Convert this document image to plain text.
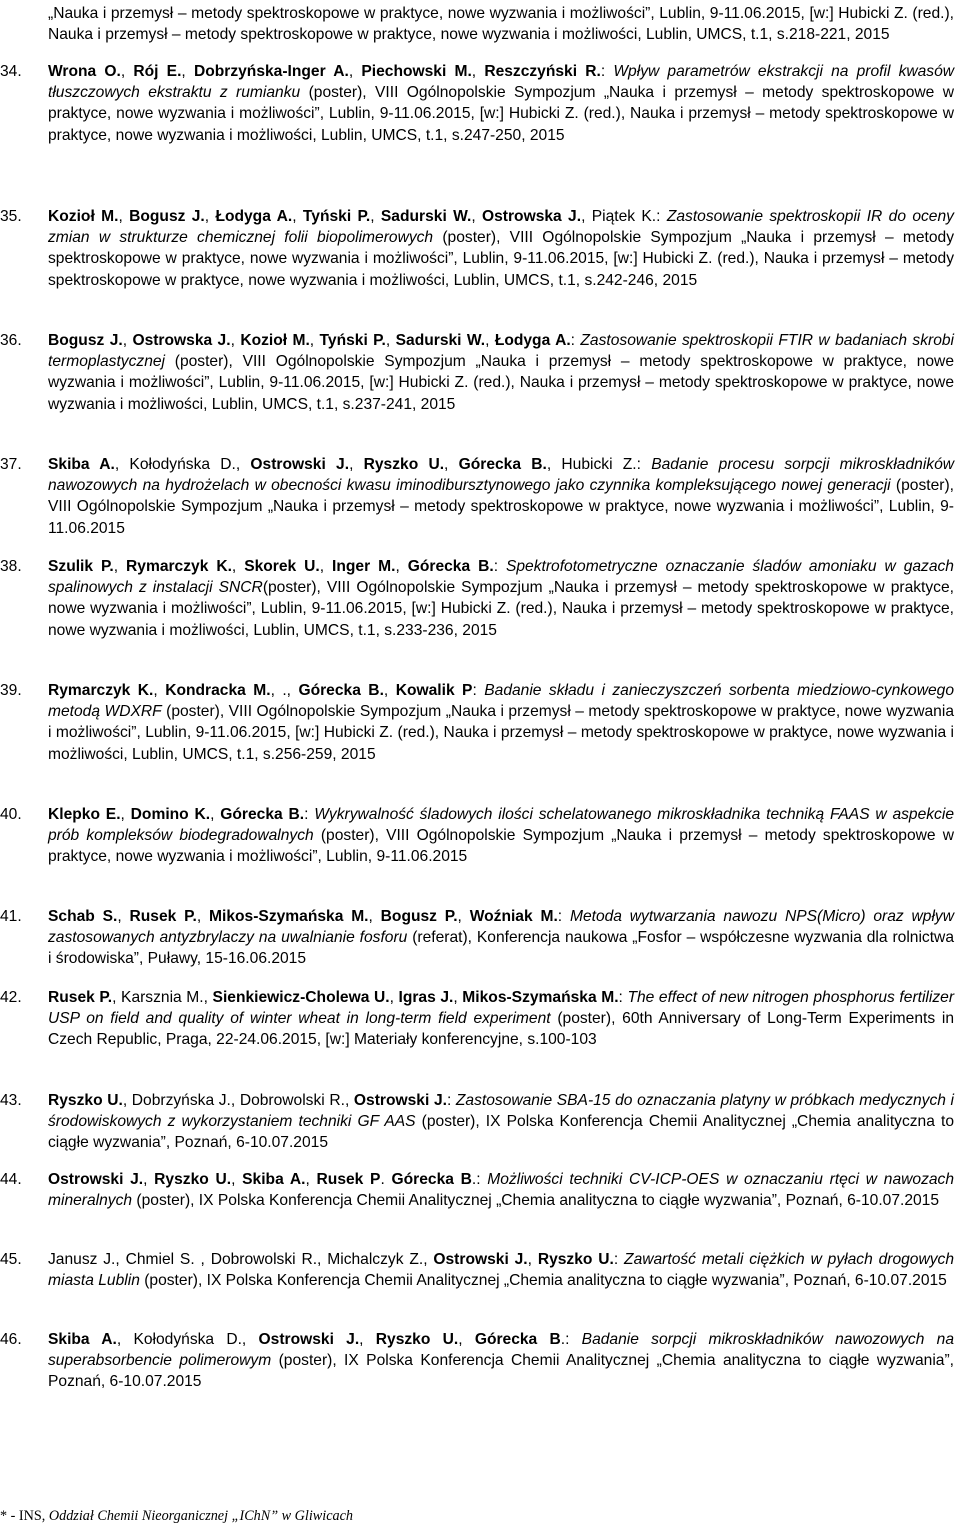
„Nauka i przemysł – metody spektroskopowe w praktyce, nowe wyzwania i możliwości”, Lublin, 9-11.06.2015, [w:] Hubicki Z. (red.), Nauka i przemysł – metody spektroskopowe w praktyce, nowe wyzwania i możliwości, Lublin, UMCS, t.1, s.218-221, 2015
34.	Wrona O., Rój E., Dobrzyńska-Inger A., Piechowski M., Reszczyński R.: Wpływ parametrów ekstrakcji na profil kwasów tłuszczowych ekstraktu z rumianku (poster), VIII Ogólnopolskie Sympozjum „Nauka i przemysł – metody spektroskopowe w praktyce, nowe wyzwania i możliwości”, Lublin, 9-11.06.2015, [w:] Hubicki Z. (red.), Nauka i przemysł – metody spektroskopowe w praktyce, nowe wyzwania i możliwości, Lublin, UMCS, t.1, s.247-250, 2015
35.	Kozioł M., Bogusz J., Łodyga A., Tyński P., Sadurski W., Ostrowska J., Piątek K.: Zastosowanie spektroskopii IR do oceny zmian w strukturze chemicznej folii biopolimerowych (poster), VIII Ogólnopolskie Sympozjum „Nauka i przemysł – metody spektroskopowe w praktyce, nowe wyzwania i możliwości”, Lublin, 9-11.06.2015, [w:] Hubicki Z. (red.), Nauka i przemysł – metody spektroskopowe w praktyce, nowe wyzwania i możliwości, Lublin, UMCS, t.1, s.242-246, 2015
36.	Bogusz J., Ostrowska J., Kozioł M., Tyński P., Sadurski W., Łodyga A.: Zastosowanie spektroskopii FTIR w badaniach skrobi termoplastycznej (poster), VIII Ogólnopolskie Sympozjum „Nauka i przemysł – metody spektroskopowe w praktyce, nowe wyzwania i możliwości”, Lublin, 9-11.06.2015, [w:] Hubicki Z. (red.), Nauka i przemysł – metody spektroskopowe w praktyce, nowe wyzwania i możliwości, Lublin, UMCS, t.1, s.237-241, 2015
37.	Skiba A., Kołodyńska D., Ostrowski J., Ryszko U., Górecka B., Hubicki Z.: Badanie procesu sorpcji mikroskładników nawozowych na hydrożelach w obecności kwasu iminodibursztynowego jako czynnika kompleksującego nowej generacji (poster), VIII Ogólnopolskie Sympozjum „Nauka i przemysł – metody spektroskopowe w praktyce, nowe wyzwania i możliwości”, Lublin, 9-11.06.2015
38.	Szulik P., Rymarczyk K., Skorek U., Inger M., Górecka B.: Spektrofotometryczne oznaczanie śladów amoniaku w gazach spalinowych z instalacji SNCR(poster), VIII Ogólnopolskie Sympozjum „Nauka i przemysł – metody spektroskopowe w praktyce, nowe wyzwania i możliwości”, Lublin, 9-11.06.2015, [w:] Hubicki Z. (red.), Nauka i przemysł – metody spektroskopowe w praktyce, nowe wyzwania i możliwości, Lublin, UMCS, t.1, s.233-236, 2015
39.	Rymarczyk K., Kondracka M., ., Górecka B., Kowalik P: Badanie składu i zanieczyszczeń sorbenta miedziowo-cynkowego metodą WDXRF (poster), VIII Ogólnopolskie Sympozjum „Nauka i przemysł – metody spektroskopowe w praktyce, nowe wyzwania i możliwości”, Lublin, 9-11.06.2015, [w:] Hubicki Z. (red.), Nauka i przemysł – metody spektroskopowe w praktyce, nowe wyzwania i możliwości, Lublin, UMCS, t.1, s.256-259, 2015
40.	Klepko E., Domino K., Górecka B.: Wykrywalność śladowych ilości schelatowanego mikroskładnika techniką FAAS w aspekcie prób kompleksów biodegradowalnych (poster), VIII Ogólnopolskie Sympozjum „Nauka i przemysł – metody spektroskopowe w praktyce, nowe wyzwania i możliwości”, Lublin, 9-11.06.2015
41.	Schab S., Rusek P., Mikos-Szymańska M., Bogusz P., Woźniak M.: Metoda wytwarzania nawozu NPS(Micro) oraz wpływ zastosowanych antyzbrylaczy na uwalnianie fosforu (referat), Konferencja naukowa „Fosfor – współczesne wyzwania dla rolnictwa i środowiska”, Puławy, 15-16.06.2015
42.	Rusek P., Karsznia M., Sienkiewicz-Cholewa U., Igras J., Mikos-Szymańska M.: The effect of new nitrogen phosphorus fertilizer USP on field and quality of winter wheat in long-term field experiment (poster), 60th Anniversary of Long-Term Experiments in Czech Republic, Praga, 22-24.06.2015, [w:] Materiały konferencyjne, s.100-103
43.	Ryszko U., Dobrzyńska J., Dobrowolski R., Ostrowski J.: Zastosowanie SBA-15 do oznaczania platyny w próbkach medycznych i środowiskowych z wykorzystaniem techniki GF AAS (poster), IX Polska Konferencja Chemii Analitycznej „Chemia analityczna to ciągłe wyzwania”, Poznań, 6-10.07.2015
44.	Ostrowski J., Ryszko U., Skiba A., Rusek P. Górecka B.: Możliwości techniki CV-ICP-OES w oznaczaniu rtęci w nawozach mineralnych (poster), IX Polska Konferencja Chemii Analitycznej „Chemia analityczna to ciągłe wyzwania”, Poznań, 6-10.07.2015
45.	Janusz J., Chmiel S. , Dobrowolski R., Michalczyk Z., Ostrowski J., Ryszko U.: Zawartość metali ciężkich w pyłach drogowych miasta Lublin (poster), IX Polska Konferencja Chemii Analitycznej „Chemia analityczna to ciągłe wyzwania”, Poznań, 6-10.07.2015
46.	Skiba A., Kołodyńska D., Ostrowski J., Ryszko U., Górecka B.: Badanie sorpcji mikroskładników nawozowych na superabsorbencie polimerowym (poster), IX Polska Konferencja Chemii Analitycznej „Chemia analityczna to ciągłe wyzwania”, Poznań, 6-10.07.2015
* - INS, Oddział Chemii Nieorganicznej „IChN” w Gliwicach
